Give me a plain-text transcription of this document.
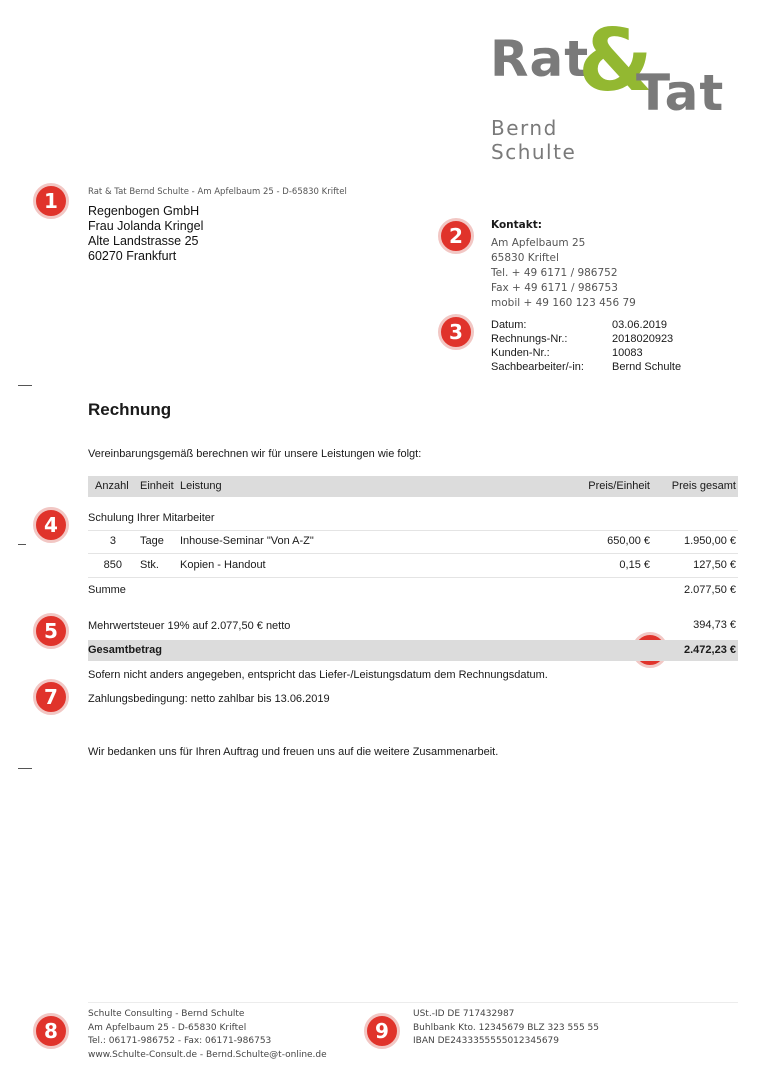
Rat
&
Tat
Bernd Schulte
1
2
3
4
5
7
8	9
Rat & Tat Bernd Schulte - Am Apfelbaum 25 - D-65830 Kriftel
Regenbogen GmbH
Frau Jolanda Kringel
Alte Landstrasse 25
60270 Frankfurt
Kontakt:
Am Apfelbaum 25
65830 Kriftel
Tel. + 49 6171 / 986752
Fax + 49 6171 / 986753
mobil + 49 160 123 456 79
Datum:	03.06.2019
Rechnungs-Nr.:	2018020923
Kunden-Nr.:	10083
Sachbearbeiter/-in:	Bernd Schulte
Rechnung
Vereinbarungsgemäß berechnen wir für unsere Leistungen wie folgt:
Anzahl Einheit Leistung	Preis/Einheit Preis gesamt
Schulung Ihrer Mitarbeiter
3 Tage Inhouse-Seminar "Von A-Z"	650,00 €	1.950,00 €
850 Stk. Kopien - Handout	0,15 €	127,50 €
Summe	2.077,50 €
Mehrwertsteuer 19% auf 2.077,50 € netto	394,73 €
Gesamtbetrag	2.472,23 €
Sofern nicht anders angegeben, entspricht das Liefer-/Leistungsdatum dem Rechnungsdatum.
Zahlungsbedingung: netto zahlbar bis 13.06.2019
Wir bedanken uns für Ihren Auftrag und freuen uns auf die weitere Zusammenarbeit.
Schulte Consulting - Bernd Schulte
Am Apfelbaum 25 - D-65830 Kriftel
Tel.: 06171-986752 - Fax: 06171-986753
www.Schulte-Consult.de - Bernd.Schulte@t-online.de
USt.-ID DE 717432987
Buhlbank Kto. 12345679 BLZ 323 555 55
IBAN DE2433355555012345679
